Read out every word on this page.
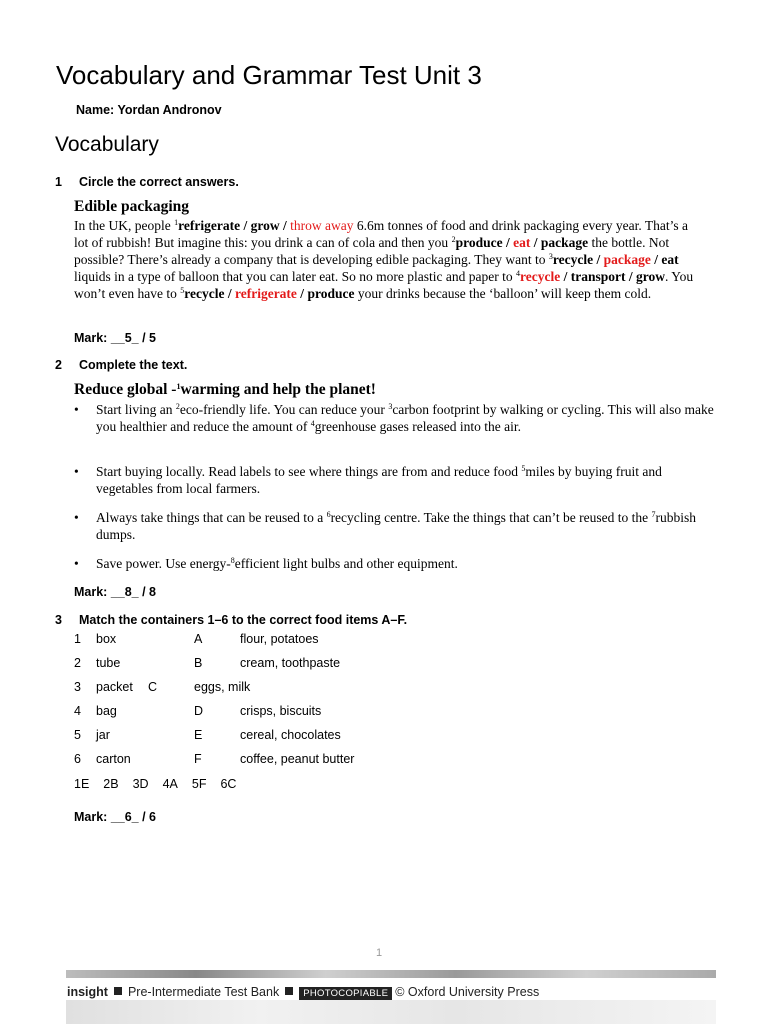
Vocabulary and Grammar Test Unit 3
Name: Yordan Andronov
Vocabulary
1 Circle the correct answers.
Edible packaging
In the UK, people $^1$refrigerate / grow / throw away 6.6m tonnes of food and drink packaging every year. That’s a lot of rubbish! But imagine this: you drink a can of cola and then you $^2$produce / eat / package the bottle. Not possible? There’s already a company that is developing edible packaging. They want to $^3$recycle / package / eat liquids in a type of balloon that you can later eat. So no more plastic and paper to $^4$recycle / transport / grow. You won’t even have to $^5$recycle / refrigerate / produce your drinks because the ‘balloon’ will keep them cold.
Mark: __5_ / 5
2 Complete the text.
Reduce global -$^1$warming and help the planet!
• Start living an $^2$eco-friendly life. You can reduce your $^3$carbon footprint by walking or cycling. This will also make you healthier and reduce the amount of $^4$greenhouse gases released into the air.
• Start buying locally. Read labels to see where things are from and reduce food $^5$miles by buying fruit and vegetables from local farmers.
• Always take things that can be reused to a $^6$recycling centre. Take the things that can’t be reused to the $^7$rubbish dumps.
• Save power. Use energy-$^8$efficient light bulbs and other equipment.
Mark: __8_ / 8
3 Match the containers 1–6 to the correct food items A–F.
1 box	A	flour, potatoes
2 tube	B	cream, toothpaste
3 packet C	eggs, milk
4 bag	D	crisps, biscuits
5 jar	E	cereal, chocolates
6 carton	F	coffee, peanut butter
1E 2B 3D 4A 5F 6C
Mark: __6_ / 6
1
insight Pre-Intermediate Test Bank	PHOTOCOPIABLE © Oxford University Press
